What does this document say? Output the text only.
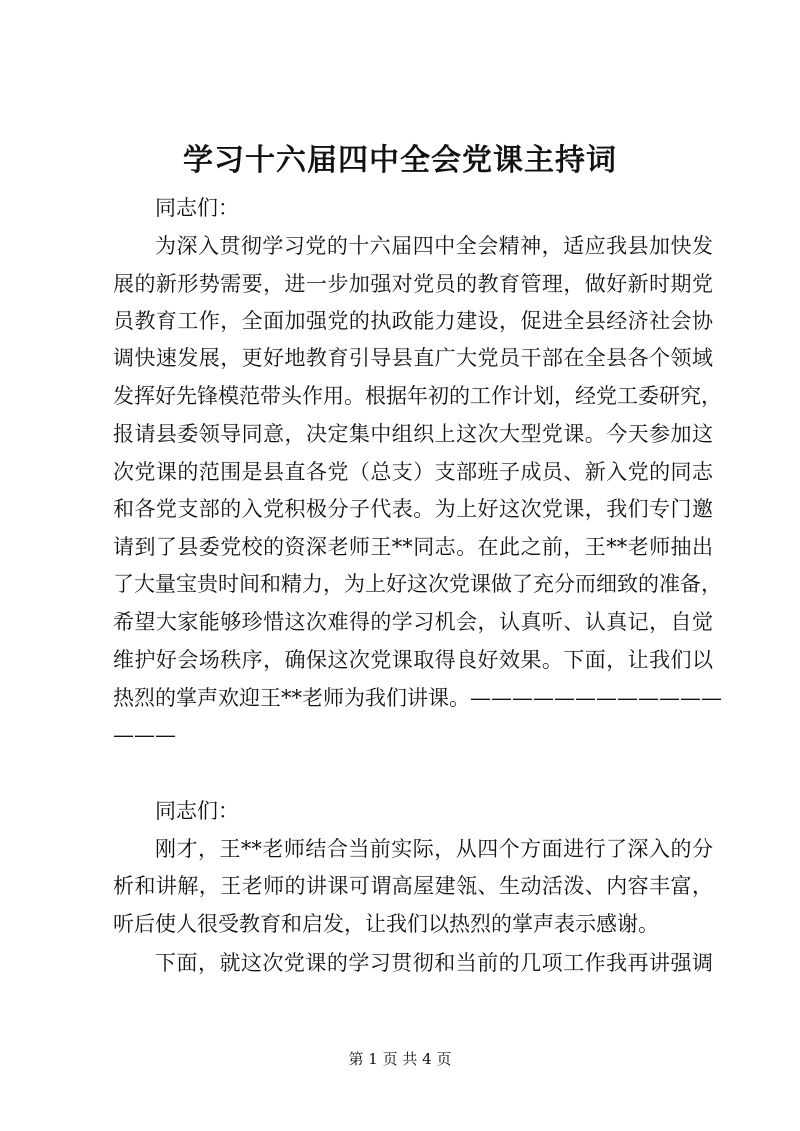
学习十六届四中全会党课主持词

同志们：

为深入贯彻学习党的十六届四中全会精神，适应我县加快发

展的新形势需要，进一步加强对党员的教育管理，做好新时期党

员教育工作，全面加强党的执政能力建设，促进全县经济社会协

调快速发展，更好地教育引导县直广大党员干部在全县各个领域

发挥好先锋模范带头作用。根据年初的工作计划，经党工委研究，

报请县委领导同意，决定集中组织上这次大型党课。今天参加这

次党课的范围是县直各党（总支）支部班子成员、新入党的同志

和各党支部的入党积极分子代表。为上好这次党课，我们专门邀

请到了县委党校的资深老师王**同志。在此之前，王**老师抽出

了大量宝贵时间和精力，为上好这次党课做了充分而细致的准备，

希望大家能够珍惜这次难得的学习机会，认真听、认真记，自觉

维护好会场秩序，确保这次党课取得良好效果。下面，让我们以

热烈的掌声欢迎王**老师为我们讲课。————————————

———

同志们：

刚才，王**老师结合当前实际，从四个方面进行了深入的分

析和讲解，王老师的讲课可谓高屋建瓴、生动活泼、内容丰富，

听后使人很受教育和启发，让我们以热烈的掌声表示感谢。

下面，就这次党课的学习贯彻和当前的几项工作我再讲强调

第 1 页 共 4 页
